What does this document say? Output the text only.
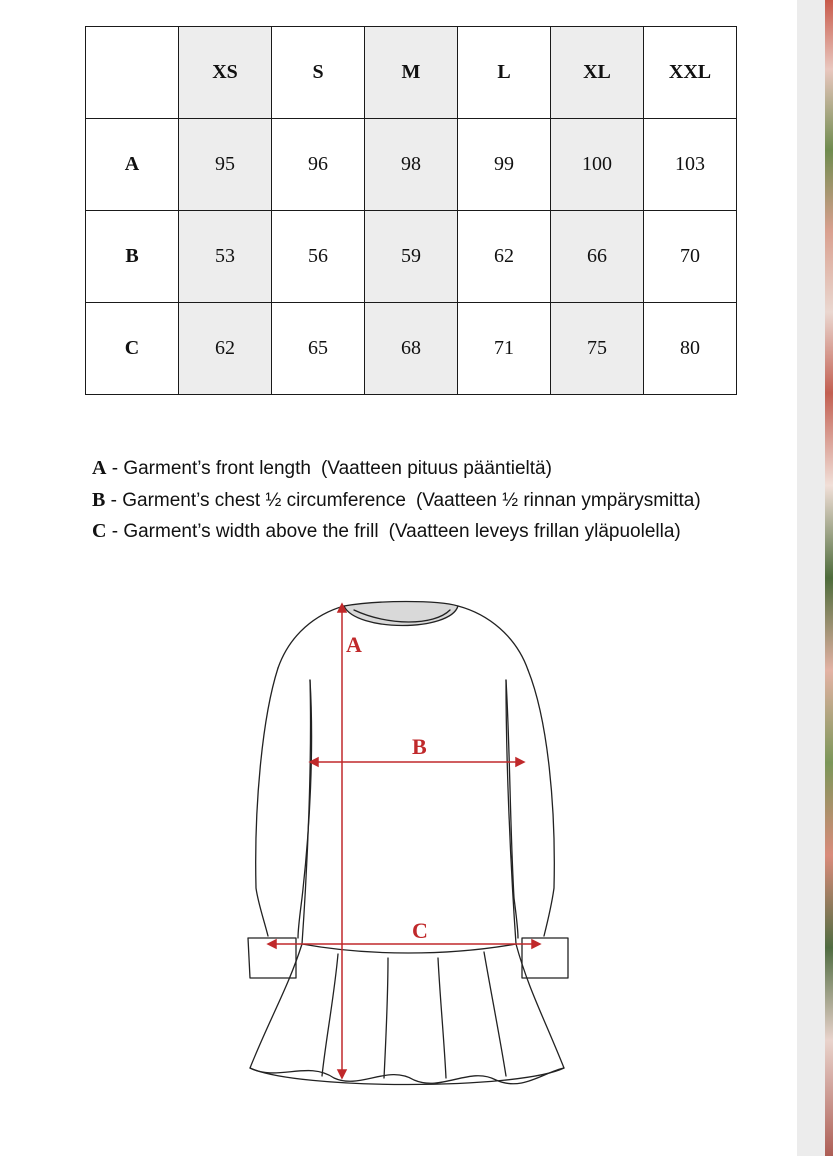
	XS	S	M	L	XL	XXL
A	95	96	98	99	100	103
B	53	56	59	62	66	70
C	62	65	68	71	75	80
A - Garment’s front length (Vaatteen pituus pääntieltä)
B - Garment’s chest ½ circumference (Vaatteen ½ rinnan ympärysmitta)
C - Garment’s width above the frill (Vaatteen leveys frillan yläpuolella)
A
B
C
